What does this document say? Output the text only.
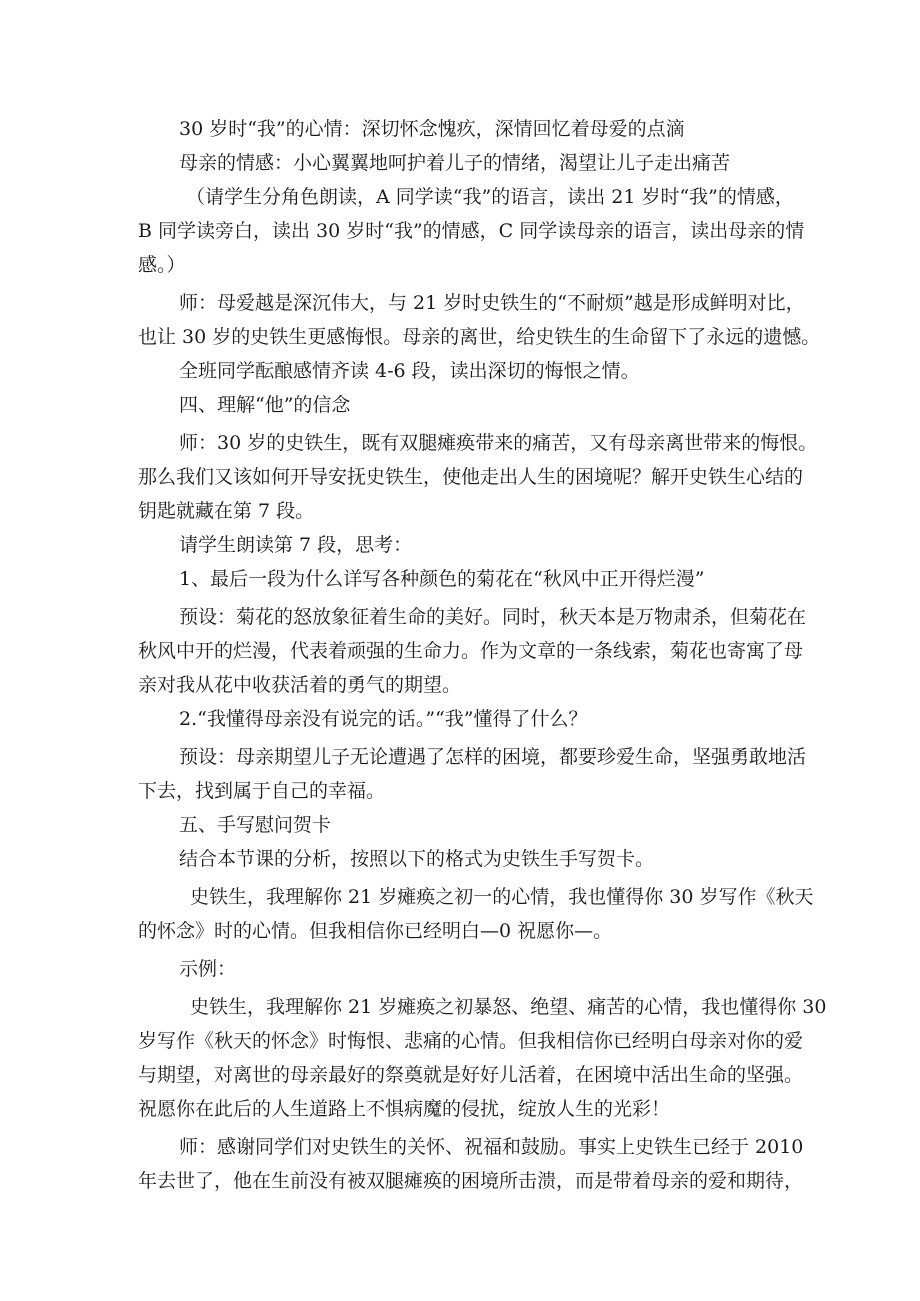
30 岁时“我”的心情：深切怀念愧疚，深情回忆着母爱的点滴

母亲的情感：小心翼翼地呵护着儿子的情绪，渴望让儿子走出痛苦

（请学生分角色朗读，A 同学读“我”的语言，读出 21 岁时“我”的情感，

B 同学读旁白，读出 30 岁时“我”的情感，C 同学读母亲的语言，读出母亲的情

感。）

师：母爱越是深沉伟大，与 21 岁时史铁生的“不耐烦”越是形成鲜明对比，

也让 30 岁的史铁生更感悔恨。母亲的离世，给史铁生的生命留下了永远的遗憾。

全班同学酝酿感情齐读 4-6 段，读出深切的悔恨之情。

四、理解“他”的信念

师：30 岁的史铁生，既有双腿瘫痪带来的痛苦，又有母亲离世带来的悔恨。

那么我们又该如何开导安抚史铁生，使他走出人生的困境呢？解开史铁生心结的

钥匙就藏在第 7 段。

请学生朗读第 7 段，思考：

1、最后一段为什么详写各种颜色的菊花在“秋风中正开得烂漫”

预设：菊花的怒放象征着生命的美好。同时，秋天本是万物肃杀，但菊花在

秋风中开的烂漫，代表着顽强的生命力。作为文章的一条线索，菊花也寄寓了母

亲对我从花中收获活着的勇气的期望。

2.“我懂得母亲没有说完的话。”“我”懂得了什么？

预设：母亲期望儿子无论遭遇了怎样的困境，都要珍爱生命，坚强勇敢地活

下去，找到属于自己的幸福。

五、手写慰问贺卡

结合本节课的分析，按照以下的格式为史铁生手写贺卡。

史铁生，我理解你 21 岁瘫痪之初一的心情，我也懂得你 30 岁写作《秋天

的怀念》时的心情。但我相信你已经明白—0 祝愿你—。

示例：

史铁生，我理解你 21 岁瘫痪之初暴怒、绝望、痛苦的心情，我也懂得你 30

岁写作《秋天的怀念》时悔恨、悲痛的心情。但我相信你已经明白母亲对你的爱

与期望，对离世的母亲最好的祭奠就是好好儿活着，在困境中活出生命的坚强。

祝愿你在此后的人生道路上不惧病魔的侵扰，绽放人生的光彩！

师：感谢同学们对史铁生的关怀、祝福和鼓励。事实上史铁生已经于 2010

年去世了，他在生前没有被双腿瘫痪的困境所击溃，而是带着母亲的爱和期待，
